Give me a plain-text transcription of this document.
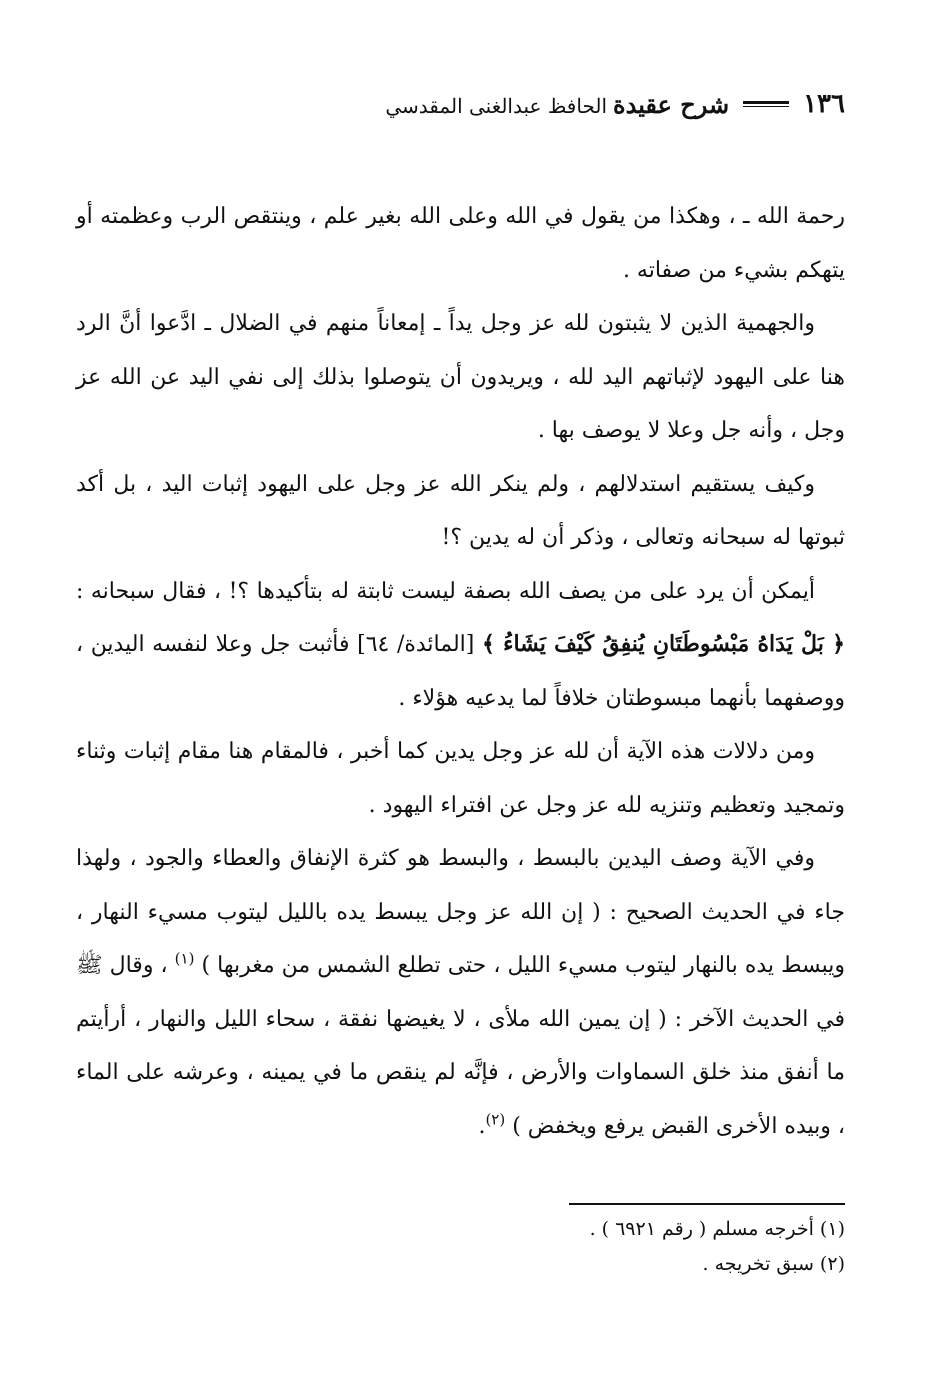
١٣٦
شرح عقيدةالحافظ عبدالغنى المقدسي

رحمة الله ـ ، وهكذا من يقول في الله وعلى الله بغير علم ، وينتقص الرب وعظمته أو يتهكم بشيء من صفاته .

والجهمية الذين لا يثبتون لله عز وجل يداً ـ إمعاناً منهم في الضلال ـ ادَّعوا أنَّ الرد هنا على اليهود لإثباتهم اليد لله ، ويريدون أن يتوصلوا بذلك إلى نفي اليد عن الله عز وجل ، وأنه جل وعلا لا يوصف بها .

وكيف يستقيم استدلالهم ، ولم ينكر الله عز وجل على اليهود إثبات اليد ، بل أكد ثبوتها له سبحانه وتعالى ، وذكر أن له يدين ؟!

أيمكن أن يرد على من يصف الله بصفة ليست ثابتة له بتأكيدها ؟! ، فقال سبحانه : ﴿ بَلْ يَدَاهُ مَبْسُوطَتَانِ يُنفِقُ كَيْفَ يَشَاءُ ﴾ [المائدة/ ٦٤] فأثبت جل وعلا لنفسه اليدين ، ووصفهما بأنهما مبسوطتان خلافاً لما يدعيه هؤلاء .

ومن دلالات هذه الآية أن لله عز وجل يدين كما أخبر ، فالمقام هنا مقام إثبات وثناء وتمجيد وتعظيم وتنزيه لله عز وجل عن افتراء اليهود .

وفي الآية وصف اليدين بالبسط ، والبسط هو كثرة الإنفاق والعطاء والجود ، ولهذا جاء في الحديث الصحيح : ( إن الله عز وجل يبسط يده بالليل ليتوب مسيء النهار ، ويبسط يده بالنهار ليتوب مسيء الليل ، حتى تطلع الشمس من مغربها ) $^{(١)}$ ، وقال ﷺ في الحديث الآخر : ( إن يمين الله ملأى ، لا يغيضها نفقة ، سحاء الليل والنهار ، أرأيتم ما أنفق منذ خلق السماوات والأرض ، فإنَّه لم ينقص ما في يمينه ، وعرشه على الماء ، وبيده الأخرى القبض يرفع ويخفض ) $^{(٢)}$.

(١) أخرجه مسلم ( رقم ٦٩٢١ ) .

(٢) سبق تخريجه .
